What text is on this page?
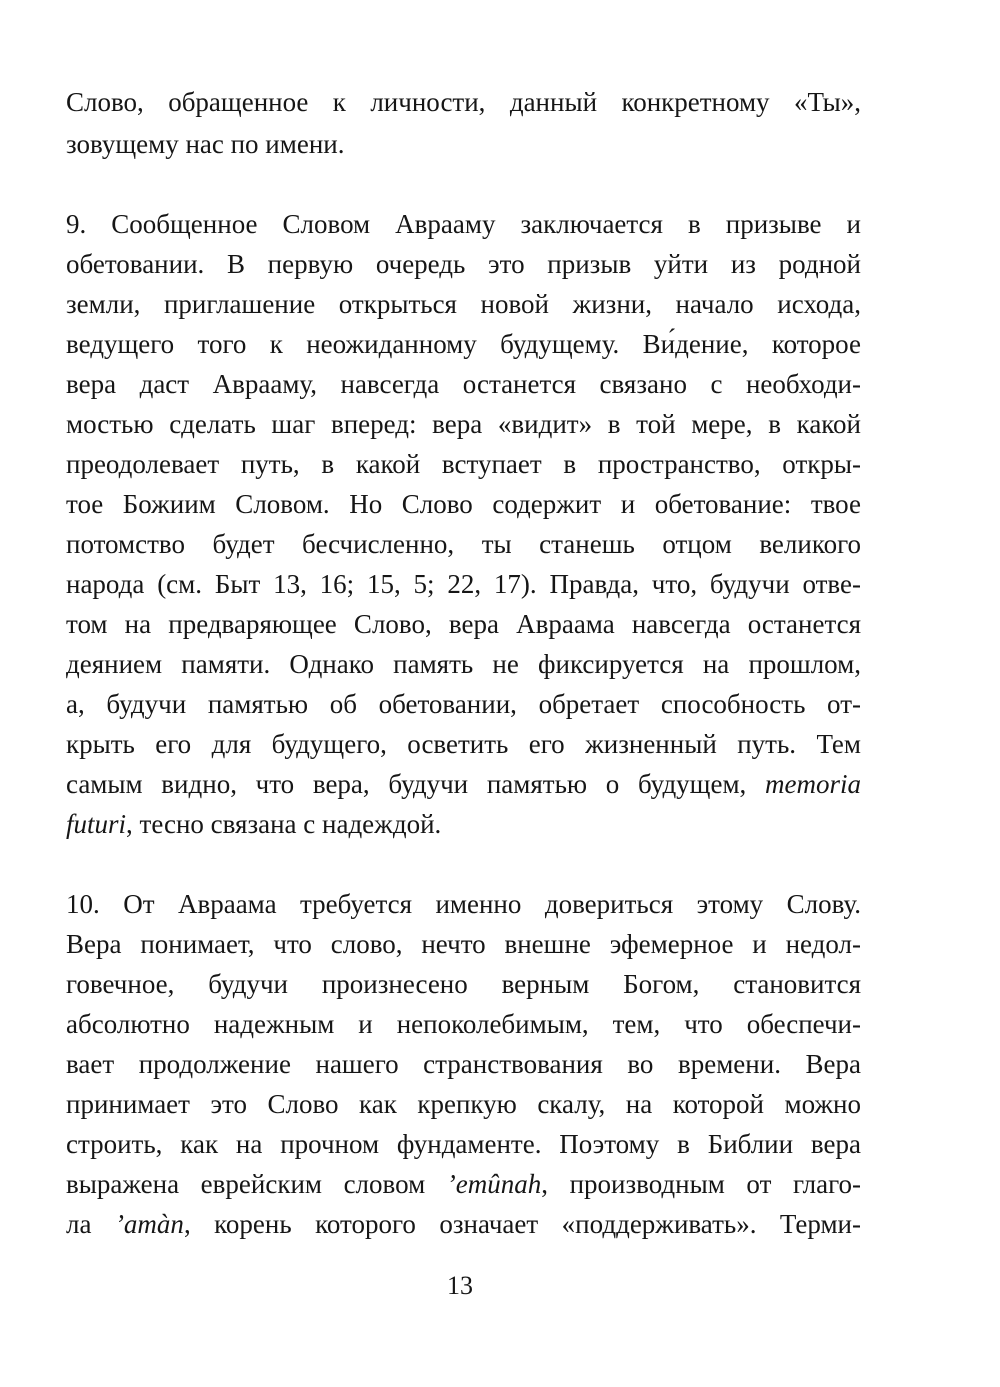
Слово, обращенное к личности, данный конкретному «Ты»,
зовущему нас по имени.
9. Сообщенное Словом Аврааму заключается в призыве и
обетовании. В первую очередь это призыв уйти из родной
земли, приглашение открыться новой жизни, начало исхода,
ведущего того к неожиданному будущему. Ви́дение, которое
вера даст Аврааму, навсегда останется связано с необходи-
мостью сделать шаг вперед: вера «видит» в той мере, в какой
преодолевает путь, в какой вступает в пространство, откры-
тое Божиим Словом. Но Слово содержит и обетование: твое
потомство будет бесчисленно, ты станешь отцом великого
народа (см. Быт 13, 16; 15, 5; 22, 17). Правда, что, будучи отве-
том на предваряющее Слово, вера Авраама навсегда останется
деянием памяти. Однако память не фиксируется на прошлом,
а, будучи памятью об обетовании, обретает способность от-
крыть его для будущего, осветить его жизненный путь. Тем
самым видно, что вера, будучи памятью о будущем, memoria
futuri, тесно связана с надеждой.
10. От Авраама требуется именно довериться этому Слову.
Вера понимает, что слово, нечто внешне эфемерное и недол-
говечное, будучи произнесено верным Богом, становится
абсолютно надежным и непоколебимым, тем, что обеспечи-
вает продолжение нашего странствования во времени. Вера
принимает это Слово как крепкую скалу, на которой можно
строить, как на прочном фундаменте. Поэтому в Библии вера
выражена еврейским словом ’emûnah, производным от глаго-
ла ’amàn, корень которого означает «поддерживать». Терми-
13
